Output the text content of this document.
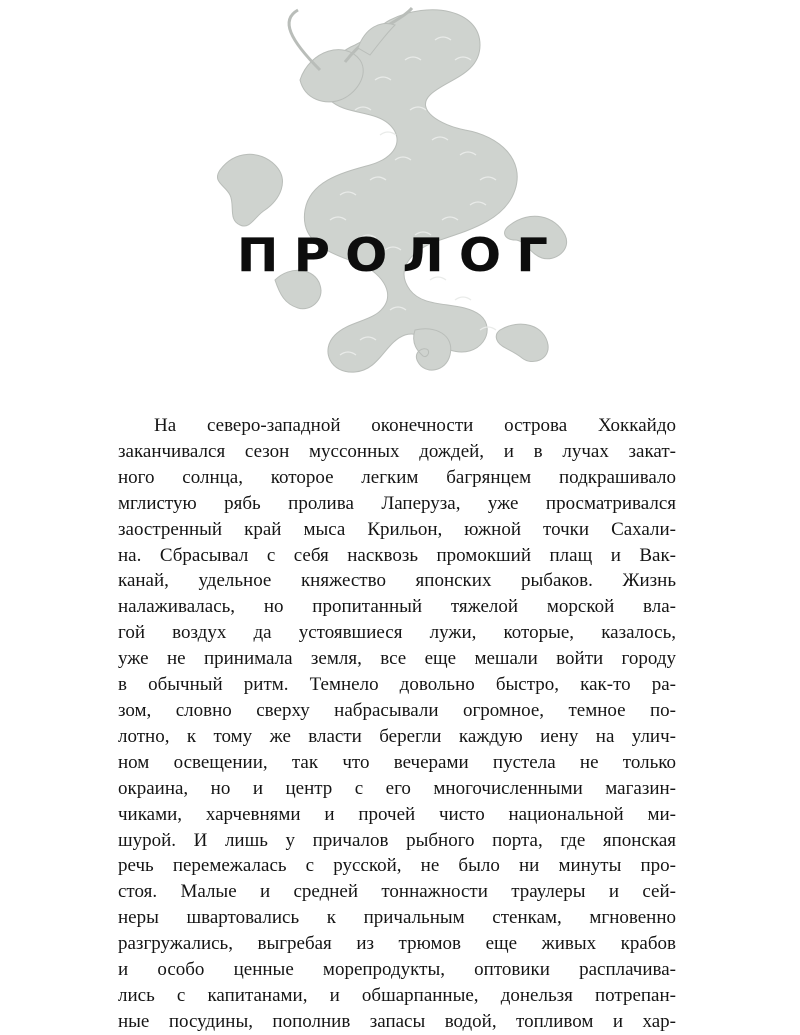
ПРОЛОГ
На северо-западной оконечности острова Хоккайдо
заканчивался сезон муссонных дождей, и в лучах закат-
ного солнца, которое легким багрянцем подкрашивало
мглистую рябь пролива Лаперуза, уже просматривался
заостренный край мыса Крильон, южной точки Сахали-
на. Сбрасывал с себя насквозь промокший плащ и Вак-
канай, удельное княжество японских рыбаков. Жизнь
налаживалась, но пропитанный тяжелой морской вла-
гой воздух да устоявшиеся лужи, которые, казалось,
уже не принимала земля, все еще мешали войти городу
в обычный ритм. Темнело довольно быстро, как-то ра-
зом, словно сверху набрасывали огромное, темное по-
лотно, к тому же власти берегли каждую иену на улич-
ном освещении, так что вечерами пустела не только
окраина, но и центр с его многочисленными магазин-
чиками, харчевнями и прочей чисто национальной ми-
шурой. И лишь у причалов рыбного порта, где японская
речь перемежалась с русской, не было ни минуты про-
стоя. Малые и средней тоннажности траулеры и сей-
неры швартовались к причальным стенкам, мгновенно
разгружались, выгребая из трюмов еще живых крабов
и особо ценные морепродукты, оптовики расплачива-
лись с капитанами, и обшарпанные, донельзя потрепан-
ные посудины, пополнив запасы водой, топливом и хар-
